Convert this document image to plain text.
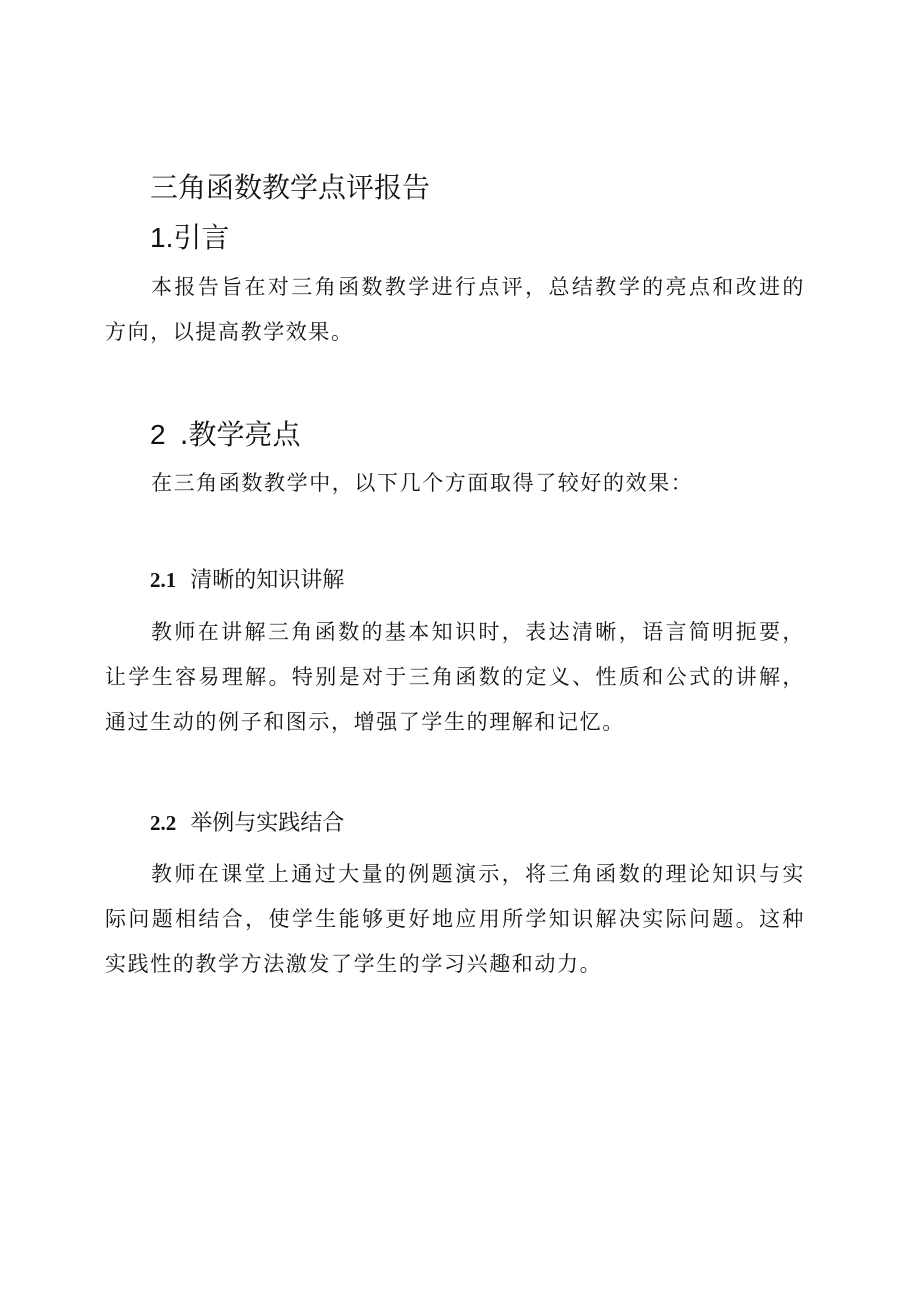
三角函数教学点评报告
1.引言
本报告旨在对三角函数教学进行点评，总结教学的亮点和改进的方向，以提高教学效果。
2 .教学亮点
在三角函数教学中，以下几个方面取得了较好的效果：
2.1 清晰的知识讲解
教师在讲解三角函数的基本知识时，表达清晰，语言简明扼要，让学生容易理解。特别是对于三角函数的定义、性质和公式的讲解，通过生动的例子和图示，增强了学生的理解和记忆。
2.2 举例与实践结合
教师在课堂上通过大量的例题演示，将三角函数的理论知识与实际问题相结合，使学生能够更好地应用所学知识解决实际问题。这种实践性的教学方法激发了学生的学习兴趣和动力。
